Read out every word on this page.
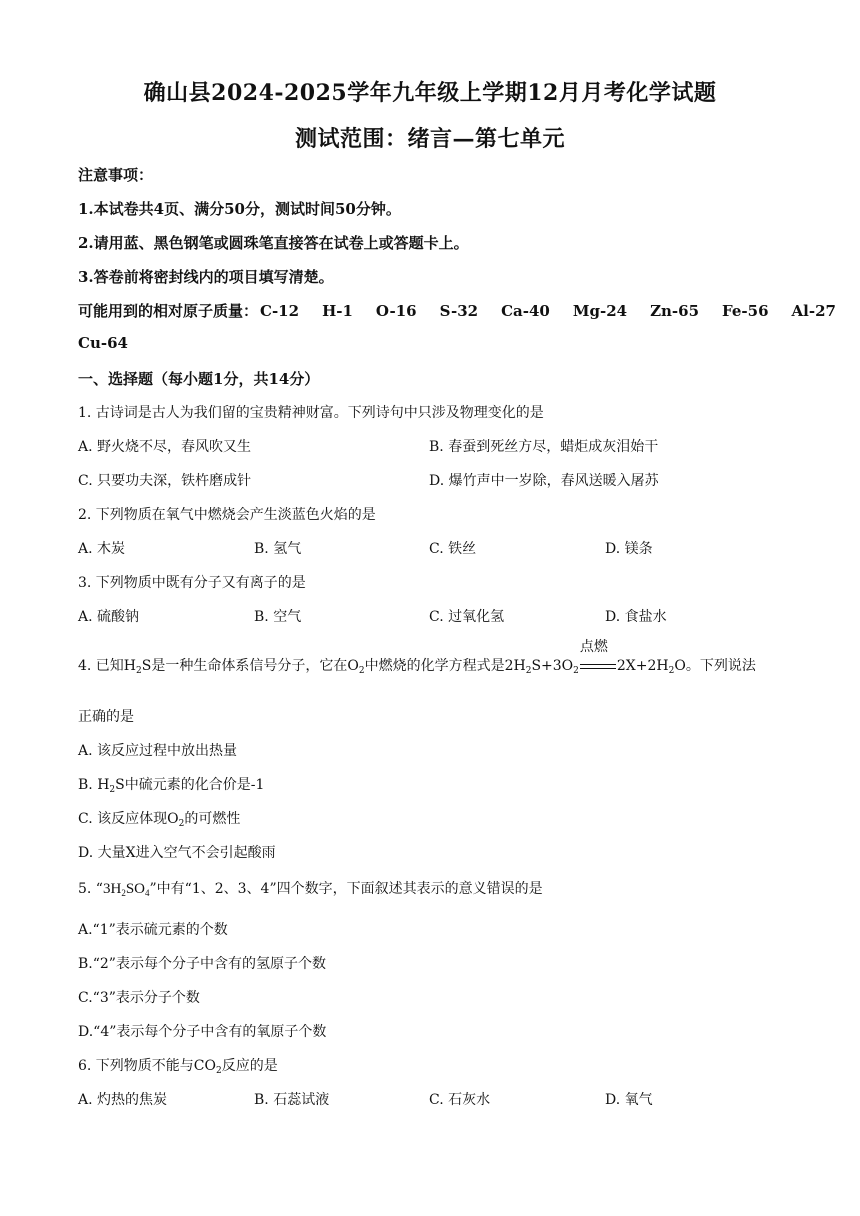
确山县2024-2025学年九年级上学期12月月考化学试题
测试范围：绪言—第七单元
注意事项：
1.本试卷共4页、满分50分，测试时间50分钟。
2.请用蓝、黑色钢笔或圆珠笔直接答在试卷上或答题卡上。
3.答卷前将密封线内的项目填写清楚。
可能用到的相对原子质量： C-12 H-1 O-16 S-32 Ca-40 Mg-24 Zn-65 Fe-56 Al-27
Cu-64
一、选择题（每小题1分，共14分）
1. 古诗词是古人为我们留的宝贵精神财富。下列诗句中只涉及物理变化的是
A. 野火烧不尽，春风吹又生	B. 春蚕到死丝方尽，蜡炬成灰泪始干
C. 只要功夫深，铁杵磨成针	D. 爆竹声中一岁除，春风送暖入屠苏
2. 下列物质在氧气中燃烧会产生淡蓝色火焰的是
A. 木炭	B. 氢气	C. 铁丝	D. 镁条
3. 下列物质中既有分子又有离子的是
A. 硫酸钠	B. 空气	C. 过氧化氢	D. 食盐水
4. 已知$H_2S$是一种生命体系信号分子，它在$O_2$中燃烧的化学方程式是$2H_2S+3O_2$
点燃
$2X+2H_2O$。下列说法
正确的是
A. 该反应过程中放出热量
B. $H_2S$中硫元素的化合价是-1
C. 该反应体现$O_2$的可燃性
D. 大量X进入空气不会引起酸雨
5. “$3H_2SO_4$”中有“1、2、3、4”四个数字，下面叙述其表示的意义错误的是
A.“1”表示硫元素的个数
B.“2”表示每个分子中含有的氢原子个数
C.“3”表示分子个数
D.“4”表示每个分子中含有的氧原子个数
6. 下列物质不能与$CO_2$反应的是
A. 灼热的焦炭	B. 石蕊试液	C. 石灰水	D. 氧气
